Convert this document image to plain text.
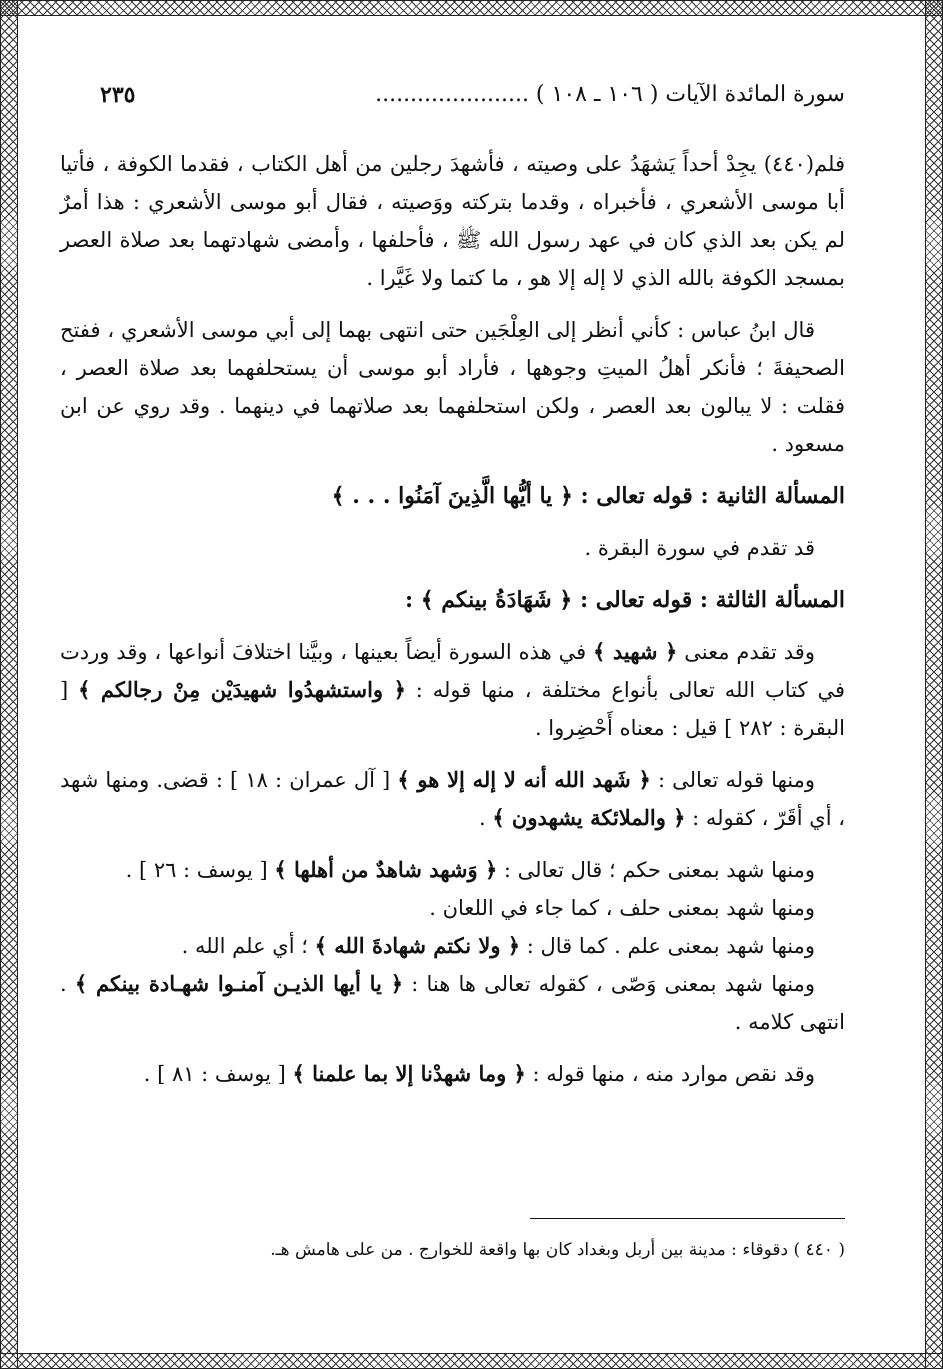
سورة المائدة الآيات ( ١٠٦ ـ ١٠٨ ) ......................
٢٣٥

فلم(٤٤٠) يجِدْ أحداً يَشهَدُ على وصيته ، فأشهدَ رجلين من أهل الكتاب ، فقدما الكوفة ، فأتيا أبا موسى الأشعري ، فأخبراه ، وقدما بتركته ووَصيته ، فقال أبو موسى الأشعري : هذا أمرٌ لم يكن بعد الذي كان في عهد رسول الله ﷺ ، فأحلفها ، وأمضى شهادتهما بعد صلاة العصر بمسجد الكوفة بالله الذي لا إله إلا هو ، ما كتما ولا غَيَّرا .

قال ابنُ عباس : كأني أنظر إلى العِلْجَين حتى انتهى بهما إلى أبي موسى الأشعري ، ففتح الصحيفةَ ؛ فأنكر أهلُ الميتِ وجوهها ، فأراد أبو موسى أن يستحلفهما بعد صلاة العصر ، فقلت : لا يبالون بعد العصر ، ولكن استحلفهما بعد صلاتهما في دينهما . وقد روي عن ابن مسعود .

المسألة الثانية : قوله تعالى : ﴿ يا أيُّها الَّذِينَ آمَنُوا . . . ﴾

قد تقدم في سورة البقرة .

المسألة الثالثة : قوله تعالى : ﴿ شَهَادَةُ بينكم ﴾ :

وقد تقدم معنى ﴿ شهيد ﴾ في هذه السورة أيضاً بعينها ، وبيَّنا اختلافَ أنواعها ، وقد وردت في كتاب الله تعالى بأنواع مختلفة ، منها قوله : ﴿ واستشهدُوا شهيدَيْن مِنْ رجالكم ﴾ [ البقرة : ٢٨٢ ] قيل : معناه أَحْضِروا .

ومنها قوله تعالى : ﴿ شَهد الله أنه لا إله إلا هو ﴾ [ آل عمران : ١٨ ] : قضى. ومنها شهد ، أي أقَرّ ، كقوله : ﴿ والملائكة يشهدون ﴾ .

ومنها شهد بمعنى حكم ؛ قال تعالى : ﴿ وَشهد شاهدٌ من أهلها ﴾ [ يوسف : ٢٦ ] .

ومنها شهد بمعنى حلف ، كما جاء في اللعان .

ومنها شهد بمعنى علم . كما قال : ﴿ ولا نكتم شهادةَ الله ﴾ ؛ أي علم الله .

ومنها شهد بمعنى وَصّى ، كقوله تعالى ها هنا : ﴿ يا أيها الذيـن آمنـوا شهـادة بينكم ﴾ . انتهى كلامه .

وقد نقص موارد منه ، منها قوله : ﴿ وما شهدْنا إلا بما علمنا ﴾ [ يوسف : ٨١ ] .

( ٤٤٠ ) دقوقاء : مدينة بين أربل وبغداد كان بها واقعة للخوارج . من على هامش هـ.
